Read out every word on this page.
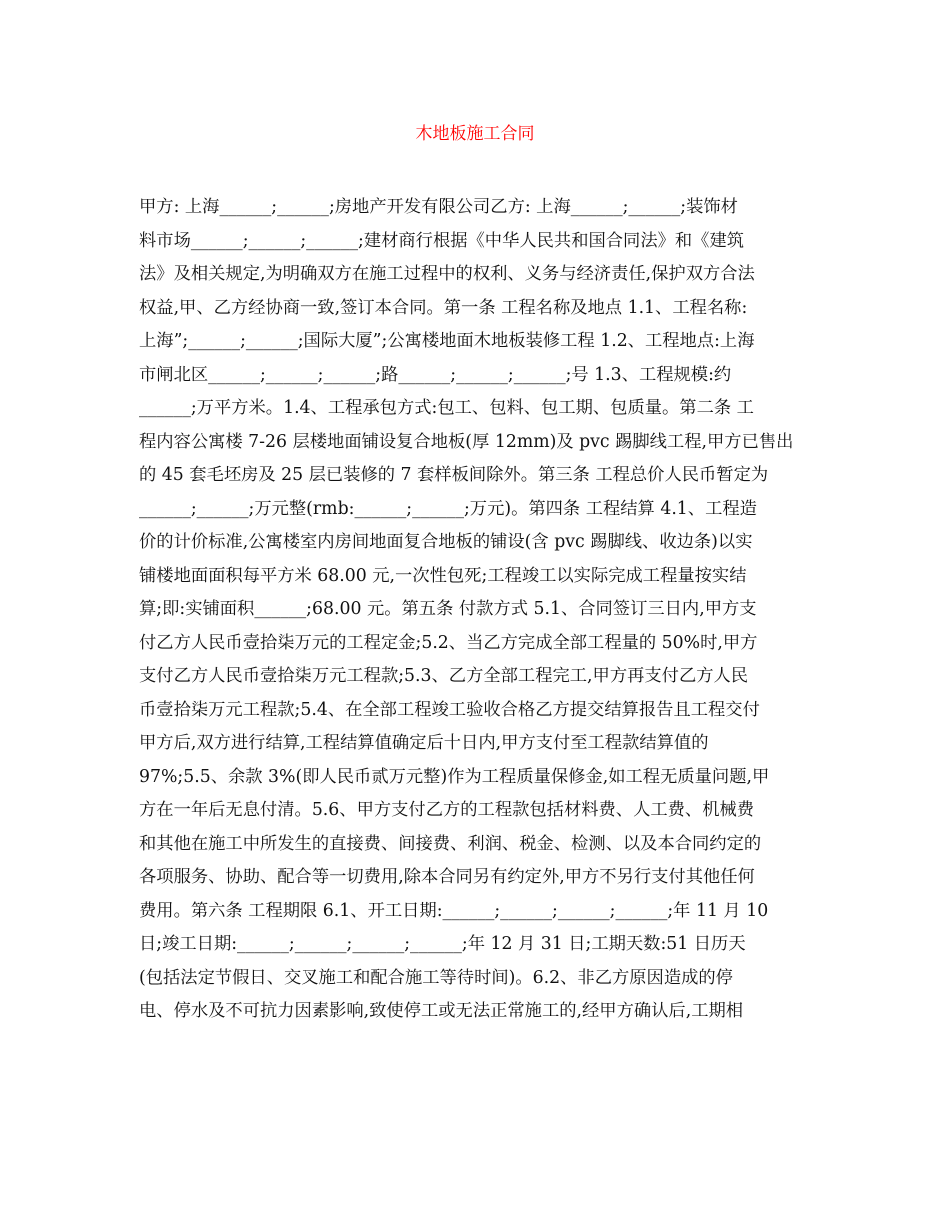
木地板施工合同
甲方: 上海______;______;房地产开发有限公司乙方: 上海______;______;装饰材
料市场______;______;______;建材商行根据《中华人民共和国合同法》和《建筑
法》及相关规定,为明确双方在施工过程中的权利、义务与经济责任,保护双方合法
权益,甲、乙方经协商一致,签订本合同。第一条 工程名称及地点 1.1、工程名称:
上海”;______;______;国际大厦”;公寓楼地面木地板装修工程 1.2、工程地点:上海
市闸北区______;______;______;路______;______;______;号 1.3、工程规模:约
______;万平方米。1.4、工程承包方式:包工、包料、包工期、包质量。第二条 工
程内容公寓楼 7-26 层楼地面铺设复合地板(厚 12mm)及 pvc 踢脚线工程,甲方已售出
的 45 套毛坯房及 25 层已装修的 7 套样板间除外。第三条 工程总价人民币暂定为
______;______;万元整(rmb:______;______;万元)。第四条 工程结算 4.1、工程造
价的计价标准,公寓楼室内房间地面复合地板的铺设(含 pvc 踢脚线、收边条)以实
铺楼地面面积每平方米 68.00 元,一次性包死;工程竣工以实际完成工程量按实结
算;即:实铺面积______;68.00 元。第五条 付款方式 5.1、合同签订三日内,甲方支
付乙方人民币壹拾柒万元的工程定金;5.2、当乙方完成全部工程量的 50%时,甲方
支付乙方人民币壹拾柒万元工程款;5.3、乙方全部工程完工,甲方再支付乙方人民
币壹拾柒万元工程款;5.4、在全部工程竣工验收合格乙方提交结算报告且工程交付
甲方后,双方进行结算,工程结算值确定后十日内,甲方支付至工程款结算值的
97%;5.5、余款 3%(即人民币贰万元整)作为工程质量保修金,如工程无质量问题,甲
方在一年后无息付清。5.6、甲方支付乙方的工程款包括材料费、人工费、机械费
和其他在施工中所发生的直接费、间接费、利润、税金、检测、以及本合同约定的
各项服务、协助、配合等一切费用,除本合同另有约定外,甲方不另行支付其他任何
费用。第六条 工程期限 6.1、开工日期:______;______;______;______;年 11 月 10
日;竣工日期:______;______;______;______;年 12 月 31 日;工期天数:51 日历天
(包括法定节假日、交叉施工和配合施工等待时间)。6.2、非乙方原因造成的停
电、停水及不可抗力因素影响,致使停工或无法正常施工的,经甲方确认后,工期相
